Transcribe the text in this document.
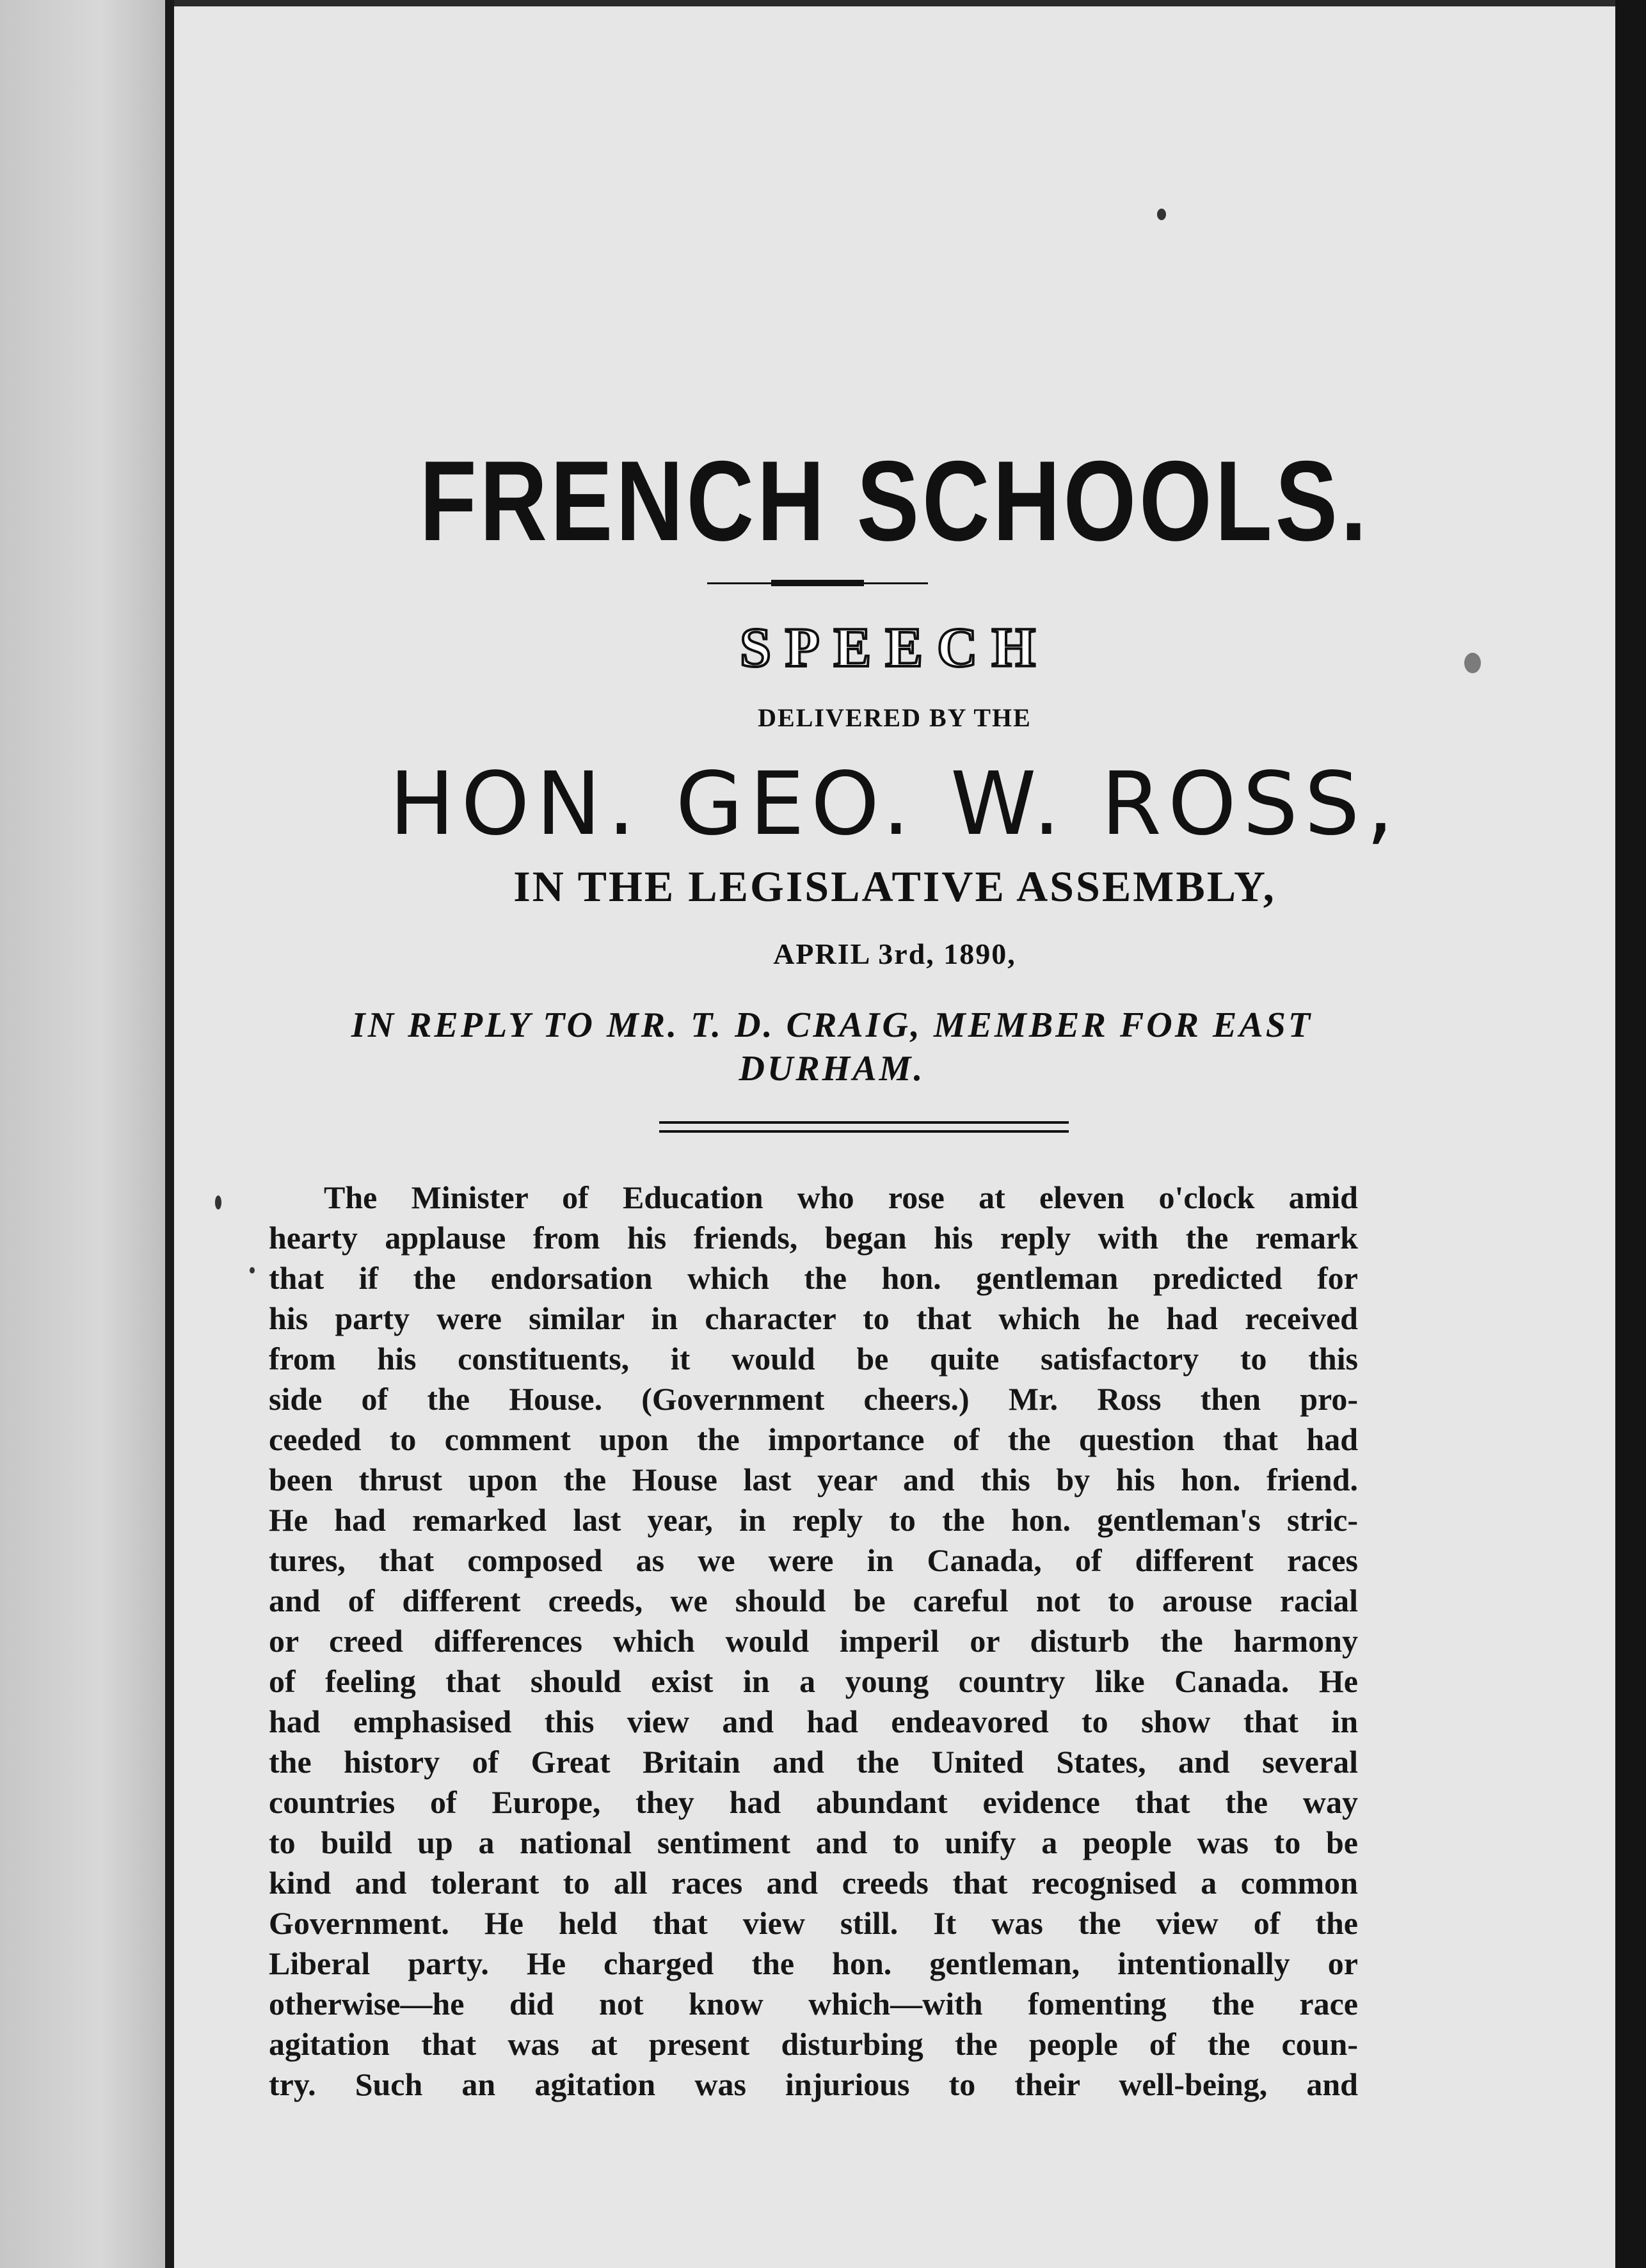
FRENCH SCHOOLS.
SPEECH
DELIVERED BY THE
HON. GEO. W. ROSS,
IN THE LEGISLATIVE ASSEMBLY,
APRIL 3rd, 1890,
IN REPLY TO MR. T. D. CRAIG, MEMBER FOR EAST
DURHAM.
The Minister of Education who rose at eleven o'clock amid
hearty applause from his friends, began his reply with the remark
that if the endorsation which the hon. gentleman predicted for
his party were similar in character to that which he had received
from his constituents, it would be quite satisfactory to this
side of the House. (Government cheers.) Mr. Ross then pro-
ceeded to comment upon the importance of the question that had
been thrust upon the House last year and this by his hon. friend.
He had remarked last year, in reply to the hon. gentleman's stric-
tures, that composed as we were in Canada, of different races
and of different creeds, we should be careful not to arouse racial
or creed differences which would imperil or disturb the harmony
of feeling that should exist in a young country like Canada. He
had emphasised this view and had endeavored to show that in
the history of Great Britain and the United States, and several
countries of Europe, they had abundant evidence that the way
to build up a national sentiment and to unify a people was to be
kind and tolerant to all races and creeds that recognised a common
Government. He held that view still. It was the view of the
Liberal party. He charged the hon. gentleman, intentionally or
otherwise—he did not know which—with fomenting the race
agitation that was at present disturbing the people of the coun-
try. Such an agitation was injurious to their well-being, and
